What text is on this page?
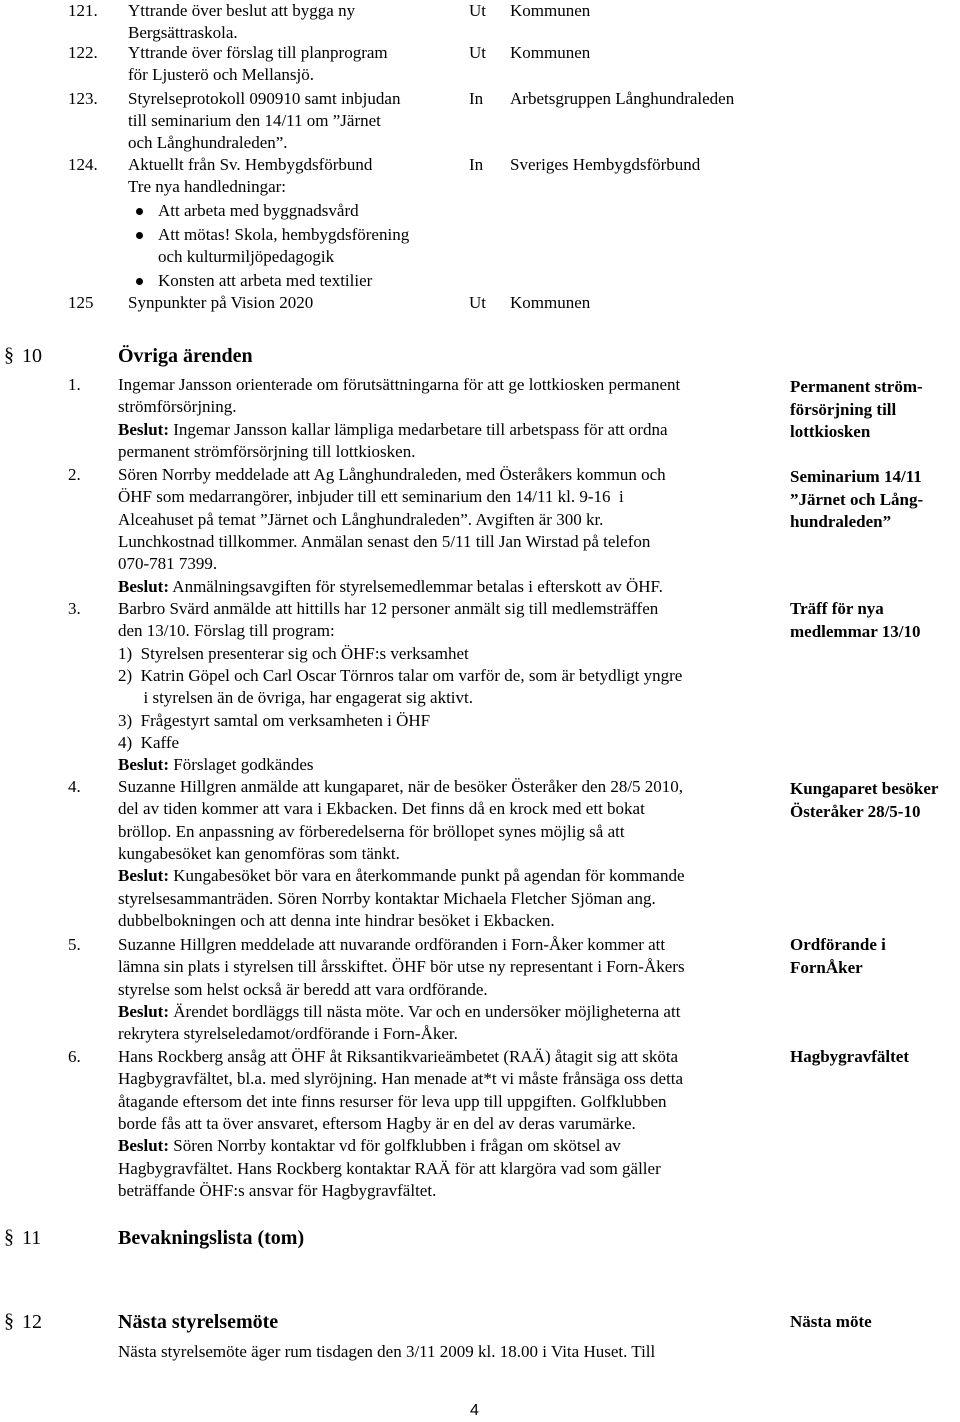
121. Yttrande över beslut att bygga ny
Bergsättraskola.
Ut Kommunen
122. Yttrande över förslag till planprogram
för Ljusterö och Mellansjö.
Ut Kommunen
123. Styrelseprotokoll 090910 samt inbjudan
till seminarium den 14/11 om ”Järnet
och Långhundraleden”.
In Arbetsgruppen Långhundraleden
124. Aktuellt från Sv. Hembygdsförbund
Tre nya handledningar:
In Sveriges Hembygdsförbund
Att arbeta med byggnadsvård
Att mötas! Skola, hembygdsförening
och kulturmiljöpedagogik
Konsten att arbeta med textilier
125 Synpunkter på Vision 2020	Ut Kommunen
§ 10	Övriga ärenden
§ 11	Bevakningslista (tom)
§ 12	Nästa styrelsemöte
1. Ingemar Jansson orienterade om förutsättningarna för att ge lottkiosken permanent
strömförsörjning.
Beslut: Ingemar Jansson kallar lämpliga medarbetare till arbetspass för att ordna
permanent strömförsörjning till lottkiosken.
Permanent ström-
försörjning till
lottkiosken
2. Sören Norrby meddelade att Ag Långhundraleden, med Österåkers kommun och
ÖHF som medarrangörer, inbjuder till ett seminarium den 14/11 kl. 9-16  i
Alceahuset på temat ”Järnet och Långhundraleden”. Avgiften är 300 kr.
Lunchkostnad tillkommer. Anmälan senast den 5/11 till Jan Wirstad på telefon
070-781 7399.
Beslut: Anmälningsavgiften för styrelsemedlemmar betalas i efterskott av ÖHF.
Seminarium 14/11
”Järnet och Lång-
hundraleden”
3. Barbro Svärd anmälde att hittills har 12 personer anmält sig till medlemsträffen
den 13/10. Förslag till program:
1)  Styrelsen presenterar sig och ÖHF:s verksamhet
2)  Katrin Göpel och Carl Oscar Törnros talar om varför de, som är betydligt yngre
i styrelsen än de övriga, har engagerat sig aktivt.
3)  Frågestyrt samtal om verksamheten i ÖHF
4)  Kaffe
Beslut: Förslaget godkändes
Träff för nya
medlemmar 13/10
4. Suzanne Hillgren anmälde att kungaparet, när de besöker Österåker den 28/5 2010,
del av tiden kommer att vara i Ekbacken. Det finns då en krock med ett bokat
bröllop. En anpassning av förberedelserna för bröllopet synes möjlig så att
kungabesöket kan genomföras som tänkt.
Beslut: Kungabesöket bör vara en återkommande punkt på agendan för kommande
styrelsesammanträden. Sören Norrby kontaktar Michaela Fletcher Sjöman ang.
dubbelbokningen och att denna inte hindrar besöket i Ekbacken.
Kungaparet besöker
Österåker 28/5-10
5. Suzanne Hillgren meddelade att nuvarande ordföranden i Forn-Åker kommer att
lämna sin plats i styrelsen till årsskiftet. ÖHF bör utse ny representant i Forn-Åkers
styrelse som helst också är beredd att vara ordförande.
Beslut: Ärendet bordläggs till nästa möte. Var och en undersöker möjligheterna att
rekrytera styrelseledamot/ordförande i Forn-Åker.
Ordförande i
FornÅker
6. Hans Rockberg ansåg att ÖHF åt Riksantikvarieämbetet (RAÄ) åtagit sig att sköta
Hagbygravfältet, bl.a. med slyröjning. Han menade at*t vi måste frånsäga oss detta
åtagande eftersom det inte finns resurser för leva upp till uppgiften. Golfklubben
borde fås att ta över ansvaret, eftersom Hagby är en del av deras varumärke.
Beslut: Sören Norrby kontaktar vd för golfklubben i frågan om skötsel av
Hagbygravfältet. Hans Rockberg kontaktar RAÄ för att klargöra vad som gäller
beträffande ÖHF:s ansvar för Hagbygravfältet.
Hagbygravfältet
Nästa styrelsemöte äger rum tisdagen den 3/11 2009 kl. 18.00 i Vita Huset. Till
Nästa möte
4
